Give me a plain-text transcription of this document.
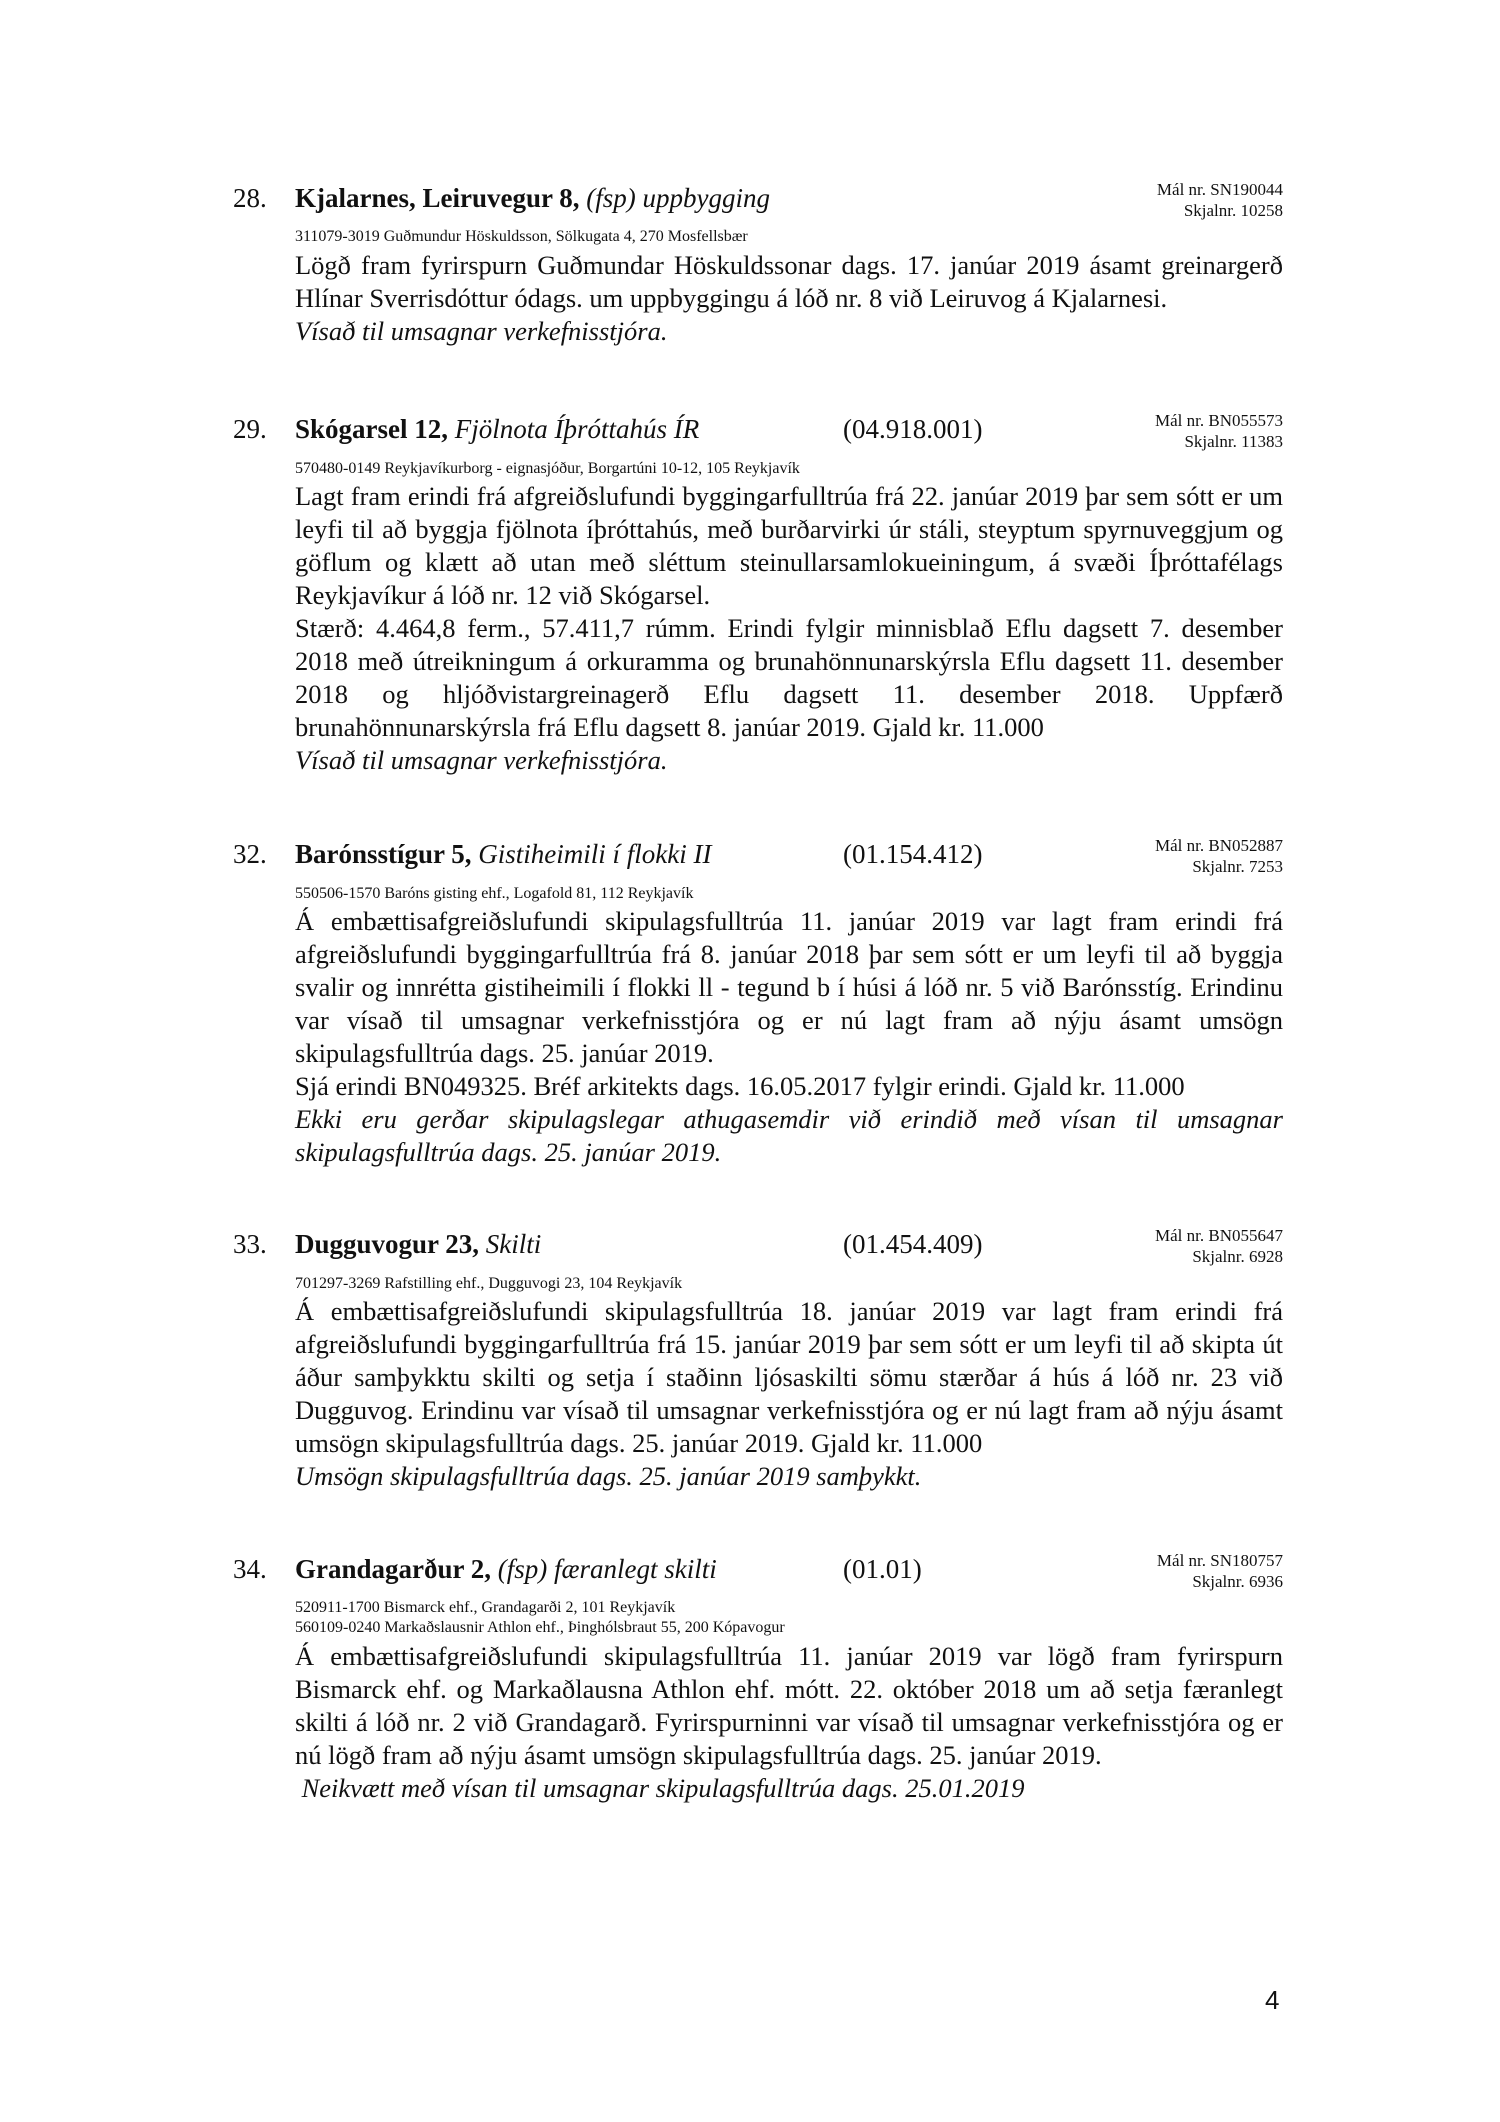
28. Kjalarnes, Leiruvegur 8, (fsp) uppbygging	Mál nr. SN190044
Skjalnr. 10258
311079-3019 Guðmundur Höskuldsson, Sölkugata 4, 270 Mosfellsbær

Lögð fram fyrirspurn Guðmundar Höskuldssonar dags. 17. janúar 2019 ásamt greinargerð Hlínar Sverrisdóttur ódags. um uppbyggingu á lóð nr. 8 við Leiruvog á Kjalarnesi.

Vísað til umsagnar verkefnisstjóra.

29. Skógarsel 12, Fjölnota Íþróttahús ÍR	(04.918.001)	Mál nr. BN055573
Skjalnr. 11383
570480-0149 Reykjavíkurborg - eignasjóður, Borgartúni 10-12, 105 Reykjavík

Lagt fram erindi frá afgreiðslufundi byggingarfulltrúa frá 22. janúar 2019 þar sem sótt er um leyfi til að byggja fjölnota íþróttahús, með burðarvirki úr stáli, steyptum spyrnuveggjum og göflum og klætt að utan með sléttum steinullarsamlokueiningum, á svæði Íþróttafélags Reykjavíkur á lóð nr. 12 við Skógarsel.

Stærð: 4.464,8 ferm., 57.411,7 rúmm. Erindi fylgir minnisblað Eflu dagsett 7. desember 2018 með útreikningum á orkuramma og brunahönnunarskýrsla Eflu dagsett 11. desember 2018 og hljóðvistargreinagerð Eflu dagsett 11. desember 2018. Uppfærð brunahönnunarskýrsla frá Eflu dagsett 8. janúar 2019. Gjald kr. 11.000

Vísað til umsagnar verkefnisstjóra.

32. Barónsstígur 5, Gistiheimili í flokki II	(01.154.412)	Mál nr. BN052887
Skjalnr. 7253
550506-1570 Baróns gisting ehf., Logafold 81, 112 Reykjavík

Á embættisafgreiðslufundi skipulagsfulltrúa 11. janúar 2019 var lagt fram erindi frá afgreiðslufundi byggingarfulltrúa frá 8. janúar 2018 þar sem sótt er um leyfi til að byggja svalir og innrétta gistiheimili í flokki ll - tegund b í húsi á lóð nr. 5 við Barónsstíg. Erindinu var vísað til umsagnar verkefnisstjóra og er nú lagt fram að nýju ásamt umsögn skipulagsfulltrúa dags. 25. janúar 2019.

Sjá erindi BN049325. Bréf arkitekts dags. 16.05.2017 fylgir erindi. Gjald kr. 11.000

Ekki eru gerðar skipulagslegar athugasemdir við erindið með vísan til umsagnar skipulagsfulltrúa dags. 25. janúar 2019.

33. Dugguvogur 23, Skilti	(01.454.409)	Mál nr. BN055647
Skjalnr. 6928
701297-3269 Rafstilling ehf., Dugguvogi 23, 104 Reykjavík

Á embættisafgreiðslufundi skipulagsfulltrúa 18. janúar 2019 var lagt fram erindi frá afgreiðslufundi byggingarfulltrúa frá 15. janúar 2019 þar sem sótt er um leyfi til að skipta út áður samþykktu skilti og setja í staðinn ljósaskilti sömu stærðar á hús á lóð nr. 23 við Dugguvog. Erindinu var vísað til umsagnar verkefnisstjóra og er nú lagt fram að nýju ásamt umsögn skipulagsfulltrúa dags. 25. janúar 2019. Gjald kr. 11.000

Umsögn skipulagsfulltrúa dags. 25. janúar 2019 samþykkt.

34. Grandagarður 2, (fsp) færanlegt skilti	(01.01)	Mál nr. SN180757
Skjalnr. 6936
520911-1700 Bismarck ehf., Grandagarði 2, 101 Reykjavík
560109-0240 Markaðslausnir Athlon ehf., Þinghólsbraut 55, 200 Kópavogur

Á embættisafgreiðslufundi skipulagsfulltrúa 11. janúar 2019 var lögð fram fyrirspurn Bismarck ehf. og Markaðlausna Athlon ehf. mótt. 22. október 2018 um að setja færanlegt skilti á lóð nr. 2 við Grandagarð. Fyrirspurninni var vísað til umsagnar verkefnisstjóra og er nú lögð fram að nýju ásamt umsögn skipulagsfulltrúa dags. 25. janúar 2019.

Neikvætt með vísan til umsagnar skipulagsfulltrúa dags. 25.01.2019

4
